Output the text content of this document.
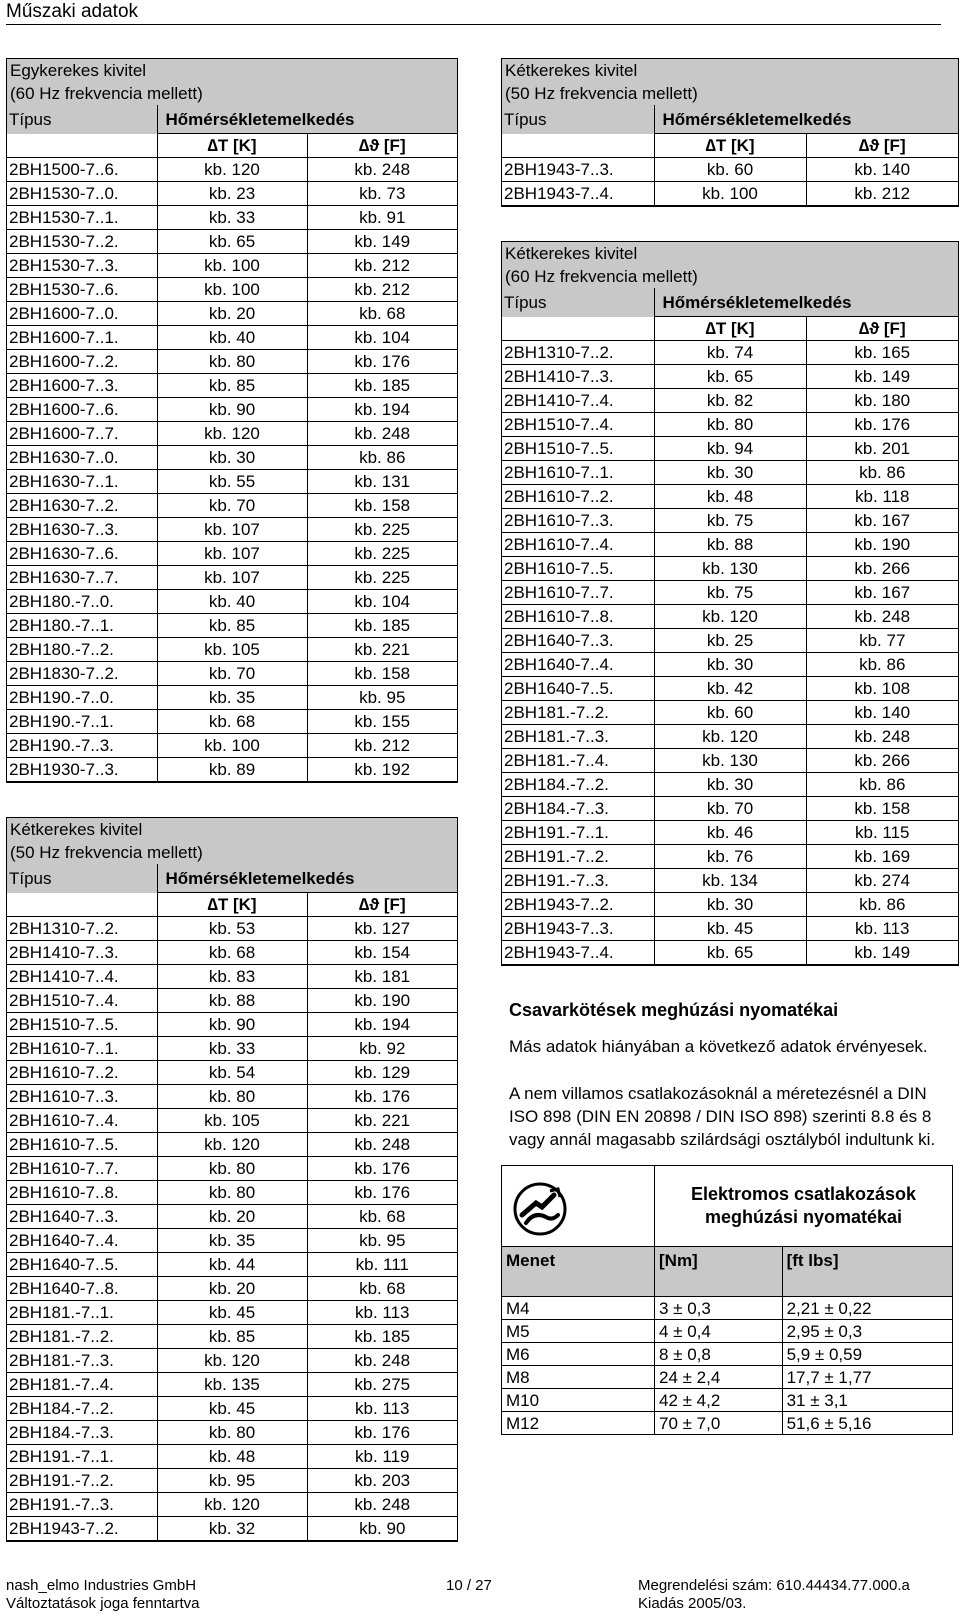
Műszaki adatok
Egykerekes kivitel		
(60 Hz frekvencia mellett)		
Típus	Hőmérsékletemelkedés	
	∆T [K]	∆ϑ [F]
2BH1500-7..6.	kb. 120	kb. 248
2BH1530-7..0.	kb. 23	kb. 73
2BH1530-7..1.	kb. 33	kb. 91
2BH1530-7..2.	kb. 65	kb. 149
2BH1530-7..3.	kb. 100	kb. 212
2BH1530-7..6.	kb. 100	kb. 212
2BH1600-7..0.	kb. 20	kb. 68
2BH1600-7..1.	kb. 40	kb. 104
2BH1600-7..2.	kb. 80	kb. 176
2BH1600-7..3.	kb. 85	kb. 185
2BH1600-7..6.	kb. 90	kb. 194
2BH1600-7..7.	kb. 120	kb. 248
2BH1630-7..0.	kb. 30	kb. 86
2BH1630-7..1.	kb. 55	kb. 131
2BH1630-7..2.	kb. 70	kb. 158
2BH1630-7..3.	kb. 107	kb. 225
2BH1630-7..6.	kb. 107	kb. 225
2BH1630-7..7.	kb. 107	kb. 225
2BH180.-7..0.	kb. 40	kb. 104
2BH180.-7..1.	kb. 85	kb. 185
2BH180.-7..2.	kb. 105	kb. 221
2BH1830-7..2.	kb. 70	kb. 158
2BH190.-7..0.	kb. 35	kb. 95
2BH190.-7..1.	kb. 68	kb. 155
2BH190.-7..3.	kb. 100	kb. 212
2BH1930-7..3.	kb. 89	kb. 192
Kétkerekes kivitel		
(50 Hz frekvencia mellett)		
Típus	Hőmérsékletemelkedés	
	∆T [K]	∆ϑ [F]
2BH1310-7..2.	kb. 53	kb. 127
2BH1410-7..3.	kb. 68	kb. 154
2BH1410-7..4.	kb. 83	kb. 181
2BH1510-7..4.	kb. 88	kb. 190
2BH1510-7..5.	kb. 90	kb. 194
2BH1610-7..1.	kb. 33	kb. 92
2BH1610-7..2.	kb. 54	kb. 129
2BH1610-7..3.	kb. 80	kb. 176
2BH1610-7..4.	kb. 105	kb. 221
2BH1610-7..5.	kb. 120	kb. 248
2BH1610-7..7.	kb. 80	kb. 176
2BH1610-7..8.	kb. 80	kb. 176
2BH1640-7..3.	kb. 20	kb. 68
2BH1640-7..4.	kb. 35	kb. 95
2BH1640-7..5.	kb. 44	kb. 111
2BH1640-7..8.	kb. 20	kb. 68
2BH181.-7..1.	kb. 45	kb. 113
2BH181.-7..2.	kb. 85	kb. 185
2BH181.-7..3.	kb. 120	kb. 248
2BH181.-7..4.	kb. 135	kb. 275
2BH184.-7..2.	kb. 45	kb. 113
2BH184.-7..3.	kb. 80	kb. 176
2BH191.-7..1.	kb. 48	kb. 119
2BH191.-7..2.	kb. 95	kb. 203
2BH191.-7..3.	kb. 120	kb. 248
2BH1943-7..2.	kb. 32	kb. 90
Kétkerekes kivitel		
(50 Hz frekvencia mellett)		
Típus	Hőmérsékletemelkedés	
	∆T [K]	∆ϑ [F]
2BH1943-7..3.	kb. 60	kb. 140
2BH1943-7..4.	kb. 100	kb. 212
Kétkerekes kivitel		
(60 Hz frekvencia mellett)		
Típus	Hőmérsékletemelkedés	
	∆T [K]	∆ϑ [F]
2BH1310-7..2.	kb. 74	kb. 165
2BH1410-7..3.	kb. 65	kb. 149
2BH1410-7..4.	kb. 82	kb. 180
2BH1510-7..4.	kb. 80	kb. 176
2BH1510-7..5.	kb. 94	kb. 201
2BH1610-7..1.	kb. 30	kb. 86
2BH1610-7..2.	kb. 48	kb. 118
2BH1610-7..3.	kb. 75	kb. 167
2BH1610-7..4.	kb. 88	kb. 190
2BH1610-7..5.	kb. 130	kb. 266
2BH1610-7..7.	kb. 75	kb. 167
2BH1610-7..8.	kb. 120	kb. 248
2BH1640-7..3.	kb. 25	kb. 77
2BH1640-7..4.	kb. 30	kb. 86
2BH1640-7..5.	kb. 42	kb. 108
2BH181.-7..2.	kb. 60	kb. 140
2BH181.-7..3.	kb. 120	kb. 248
2BH181.-7..4.	kb. 130	kb. 266
2BH184.-7..2.	kb. 30	kb. 86
2BH184.-7..3.	kb. 70	kb. 158
2BH191.-7..1.	kb. 46	kb. 115
2BH191.-7..2.	kb. 76	kb. 169
2BH191.-7..3.	kb. 134	kb. 274
2BH1943-7..2.	kb. 30	kb. 86
2BH1943-7..3.	kb. 45	kb. 113
2BH1943-7..4.	kb. 65	kb. 149
Csavarkötések meghúzási nyomatékai
Más adatok hiányában a következő adatok érvényesek.
A nem villamos csatlakozásoknál a méretezésnél a DIN ISO 898 (DIN EN 20898 / DIN ISO 898) szerinti 8.8 és 8 vagy annál magasabb szilárdsági osztályból indultunk ki.

Elektromos csatlakozások
meghúzási nyomatékai	

Menet	[Nm]	[ft lbs]
M4	3 ± 0,3	2,21 ± 0,22
M5	4 ± 0,4	2,95 ± 0,3
M6	8 ± 0,8	5,9 ± 0,59
M8	24 ± 2,4	17,7 ± 1,77
M10	42 ± 4,2	31 ± 3,1
M12	70 ± 7,0	51,6 ± 5,16
nash_elmo Industries GmbH
Változtatások joga fenntartva
10 / 27	Megrendelési szám: 610.44434.77.000.a
Kiadás 2005/03.
